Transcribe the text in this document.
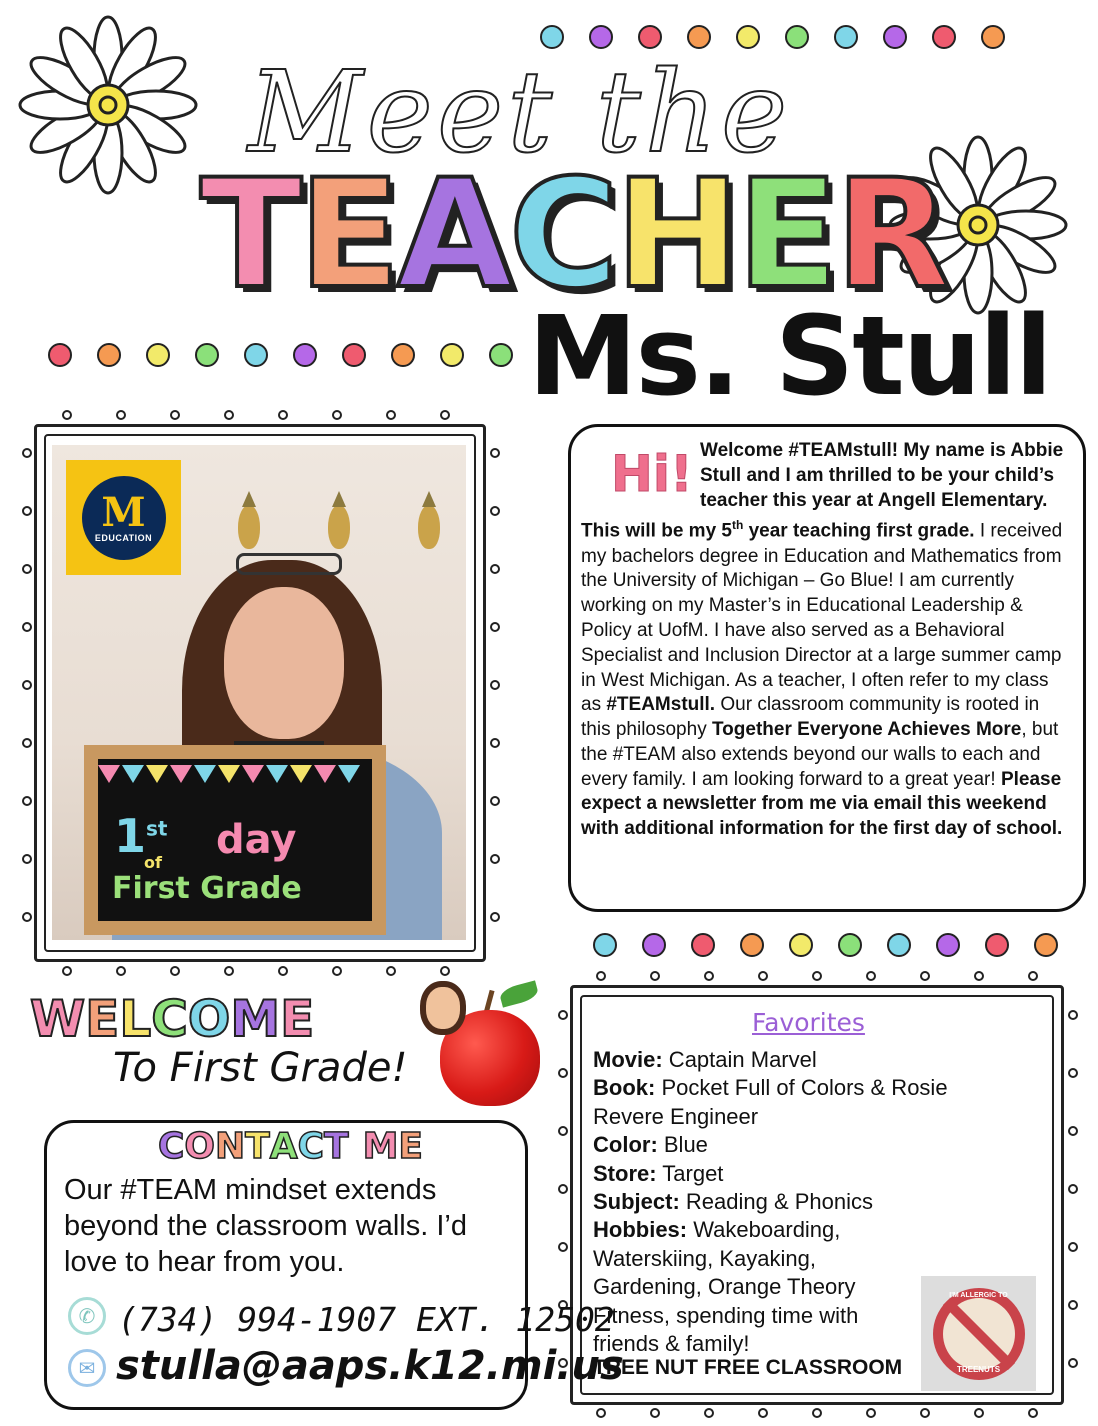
Meet the
T
E
A
C
H
E
R
Ms. Stull
M
EDUCATION
1st day
of
First Grade
Hi! Welcome #TEAMstull! My name is Abbie Stull and I am thrilled to be your child’s teacher this year at Angell Elementary. This will be my 5th year teaching first grade. I received my bachelors degree in Education and Mathematics from the University of Michigan – Go Blue! I am currently working on my Master’s in Educational Leadership & Policy at UofM. I have also served as a Behavioral Specialist and Inclusion Director at a large summer camp in West Michigan. As a teacher, I often refer to my class as #TEAMstull. Our classroom community is rooted in this philosophy Together Everyone Achieves More, but the #TEAM also extends beyond our walls to each and every family. I am looking forward to a great year! Please expect a newsletter from me via email this weekend with additional information for the first day of school.
Favorites
Movie: Captain Marvel
Book: Pocket Full of Colors & Rosie Revere Engineer
Color: Blue
Store: Target
Subject: Reading & Phonics
Hobbies: Wakeboarding, Waterskiing, Kayaking, Gardening, Orange Theory Fitness, spending time with friends & family!
TREE NUT FREE CLASSROOM
I'M ALLERGIC TO
TREENUTS
W E L C O M E
To First Grade!
C O N T A C T M E
Our #TEAM mindset extends beyond the classroom walls. I’d love to hear from you.
✆ (734) 994-1907 EXT. 12502
✉ stulla@aaps.k12.mi.us
